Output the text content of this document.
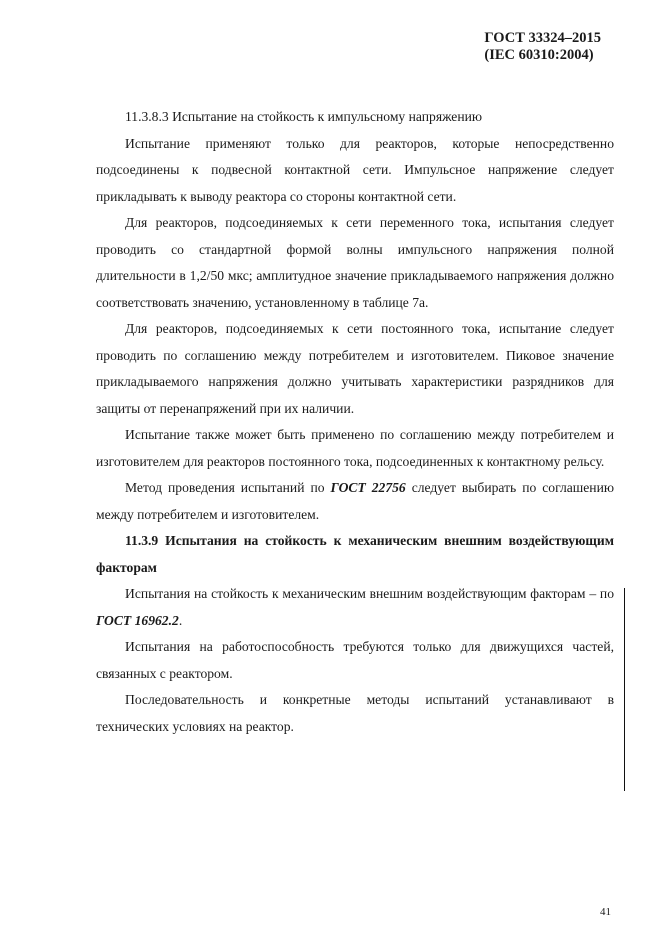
ГОСТ 33324–2015
(IEC 60310:2004)

11.3.8.3 Испытание на стойкость к импульсному напряжению

Испытание применяют только для реакторов, которые непосредственно подсоединены к подвесной контактной сети. Импульсное напряжение следует прикладывать к выводу реактора со стороны контактной сети.

Для реакторов, подсоединяемых к сети переменного тока, испытания следует проводить со стандартной формой волны импульсного напряжения полной длительности в 1,2/50 мкс; амплитудное значение прикладываемого напряжения должно соответствовать значению, установленному в таблице 7а.

Для реакторов, подсоединяемых к сети постоянного тока, испытание следует проводить по соглашению между потребителем и изготовителем. Пиковое значение прикладываемого напряжения должно учитывать характеристики разрядников для защиты от перенапряжений при их наличии.

Испытание также может быть применено по соглашению между потребителем и изготовителем для реакторов постоянного тока, подсоединенных к контактному рельсу.

Метод проведения испытаний по ГОСТ 22756 следует выбирать по соглашению между потребителем и изготовителем.

11.3.9 Испытания на стойкость к механическим внешним воздействующим факторам

Испытания на стойкость к механическим внешним воздействующим факторам – по ГОСТ 16962.2.

Испытания на работоспособность требуются только для движущихся частей, связанных с реактором.

Последовательность и конкретные методы испытаний устанавливают в технических условиях на реактор.

41
